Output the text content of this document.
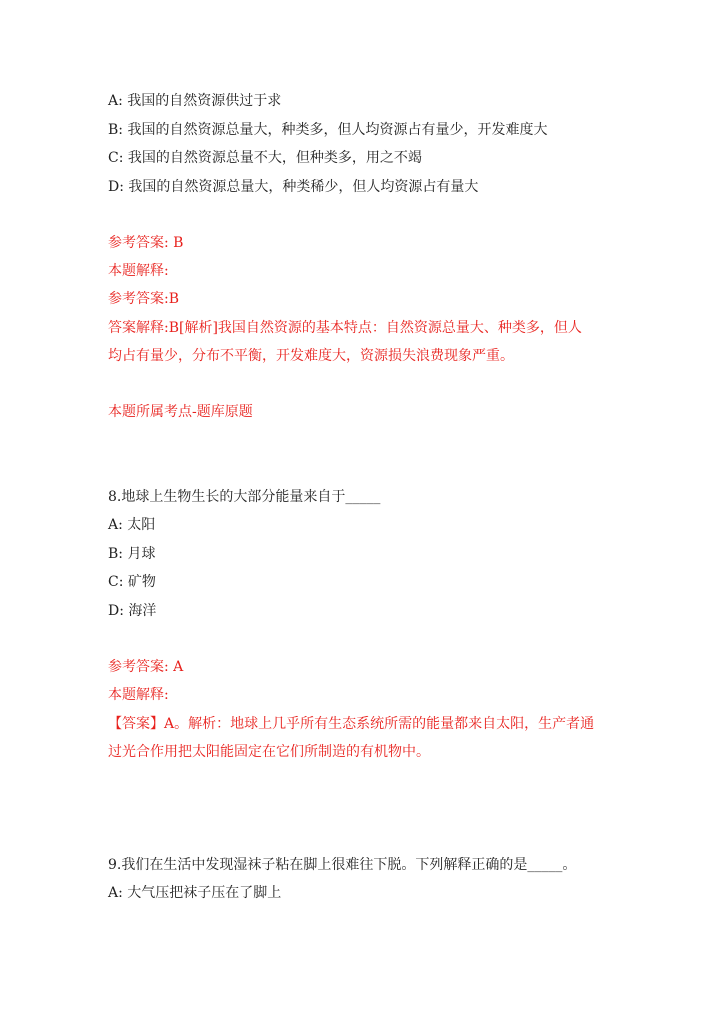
A: 我国的自然资源供过于求
B: 我国的自然资源总量大，种类多，但人均资源占有量少，开发难度大
C: 我国的自然资源总量不大，但种类多，用之不竭
D: 我国的自然资源总量大，种类稀少，但人均资源占有量大
参考答案: B
本题解释:
参考答案:B
答案解释:B[解析]我国自然资源的基本特点：自然资源总量大、种类多，但人
均占有量少，分布不平衡，开发难度大，资源损失浪费现象严重。
本题所属考点-题库原题
8.地球上生物生长的大部分能量来自于_____
A: 太阳
B: 月球
C: 矿物
D: 海洋
参考答案: A
本题解释:
【答案】A。解析：地球上几乎所有生态系统所需的能量都来自太阳，生产者通
过光合作用把太阳能固定在它们所制造的有机物中。
9.我们在生活中发现湿袜子粘在脚上很难往下脱。下列解释正确的是_____。
A: 大气压把袜子压在了脚上
